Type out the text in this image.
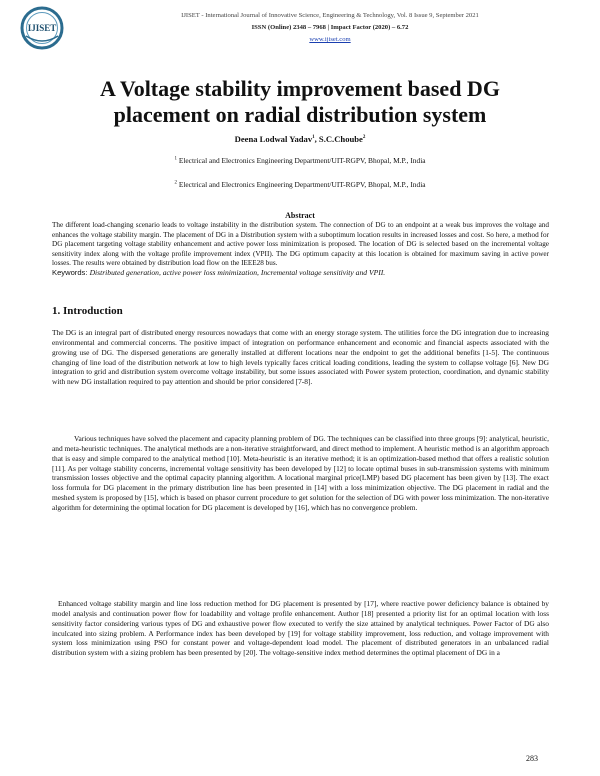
IJISET
IJISET - International Journal of Innovative Science, Engineering & Technology, Vol. 8 Issue 9, September 2021
ISSN (Online) 2348 – 7968 | Impact Factor (2020) – 6.72
www.ijiset.com
A Voltage stability improvement based DG placement on radial distribution system
Deena Lodwal Yadav$^1$, S.C.Choube$^2$
$^1$ Electrical and Electronics Engineering Department/UIT-RGPV, Bhopal, M.P., India
$^2$ Electrical and Electronics Engineering Department/UIT-RGPV, Bhopal, M.P., India
Abstract
The different load-changing scenario leads to voltage instability in the distribution system. The connection of DG to an endpoint at a weak bus improves the voltage and enhances the voltage stability margin. The placement of DG in a Distribution system with a suboptimum location results in increased losses and cost. So here, a method for DG placement targeting voltage stability enhancement and active power loss minimization is proposed. The location of DG is selected based on the incremental voltage sensitivity index along with the voltage profile improvement index (VPII). The DG optimum capacity at this location is obtained for maximum saving in active power losses. The results were obtained by distribution load flow on the IEEE28 bus.
Keywords: Distributed generation, active power loss minimization, Incremental voltage sensitivity and VPII.
1. Introduction
The DG is an integral part of distributed energy resources nowadays that come with an energy storage system. The utilities force the DG integration due to increasing environmental and commercial concerns. The positive impact of integration on performance enhancement and economic and financial aspects associated with the growing use of DG. The dispersed generations are generally installed at different locations near the endpoint to get the additional benefits [1-5]. The continuous changing of line load of the distribution network at low to high levels typically faces critical loading conditions, leading the system to collapse voltage [6]. New DG integration to grid and distribution system overcome voltage instability, but some issues associated with Power system protection, coordination, and dynamic stability with new DG installation required to pay attention and should be prior considered [7-8].
Various techniques have solved the placement and capacity planning problem of DG. The techniques can be classified into three groups [9]: analytical, heuristic, and meta-heuristic techniques. The analytical methods are a non-iterative straightforward, and direct method to implement. A heuristic method is an algorithm approach that is easy and simple compared to the analytical method [10]. Meta-heuristic is an iterative method; it is an optimization-based method that offers a realistic solution [11]. As per voltage stability concerns, incremental voltage sensitivity has been developed by [12] to locate optimal buses in sub-transmission systems with minimum transmission losses objective and the optimal capacity planning algorithm. A locational marginal price(LMP) based DG placement has been given by [13]. The exact loss formula for DG placement in the primary distribution line has been presented in [14] with a loss minimization objective. The DG placement in radial and the meshed system is proposed by [15], which is based on phasor current procedure to get solution for the selection of DG with power loss minimization. The non-iterative algorithm for determining the optimal location for DG placement is developed by [16], which has no convergence problem.
Enhanced voltage stability margin and line loss reduction method for DG placement is presented by [17], where reactive power deficiency balance is obtained by model analysis and continuation power flow for loadability and voltage profile enhancement. Author [18] presented a priority list for an optimal location with loss sensitivity factor considering various types of DG and exhaustive power flow executed to verify the size attained by analytical techniques. Power Factor of DG also inculcated into sizing problem. A Performance index has been developed by [19] for voltage stability improvement, loss reduction, and voltage improvement with system loss minimization using PSO for constant power and voltage-dependent load model. The placement of distributed generators in an unbalanced radial distribution system with a sizing problem has been presented by [20]. The voltage-sensitive index method determines the optimal placement of DG in a
283
